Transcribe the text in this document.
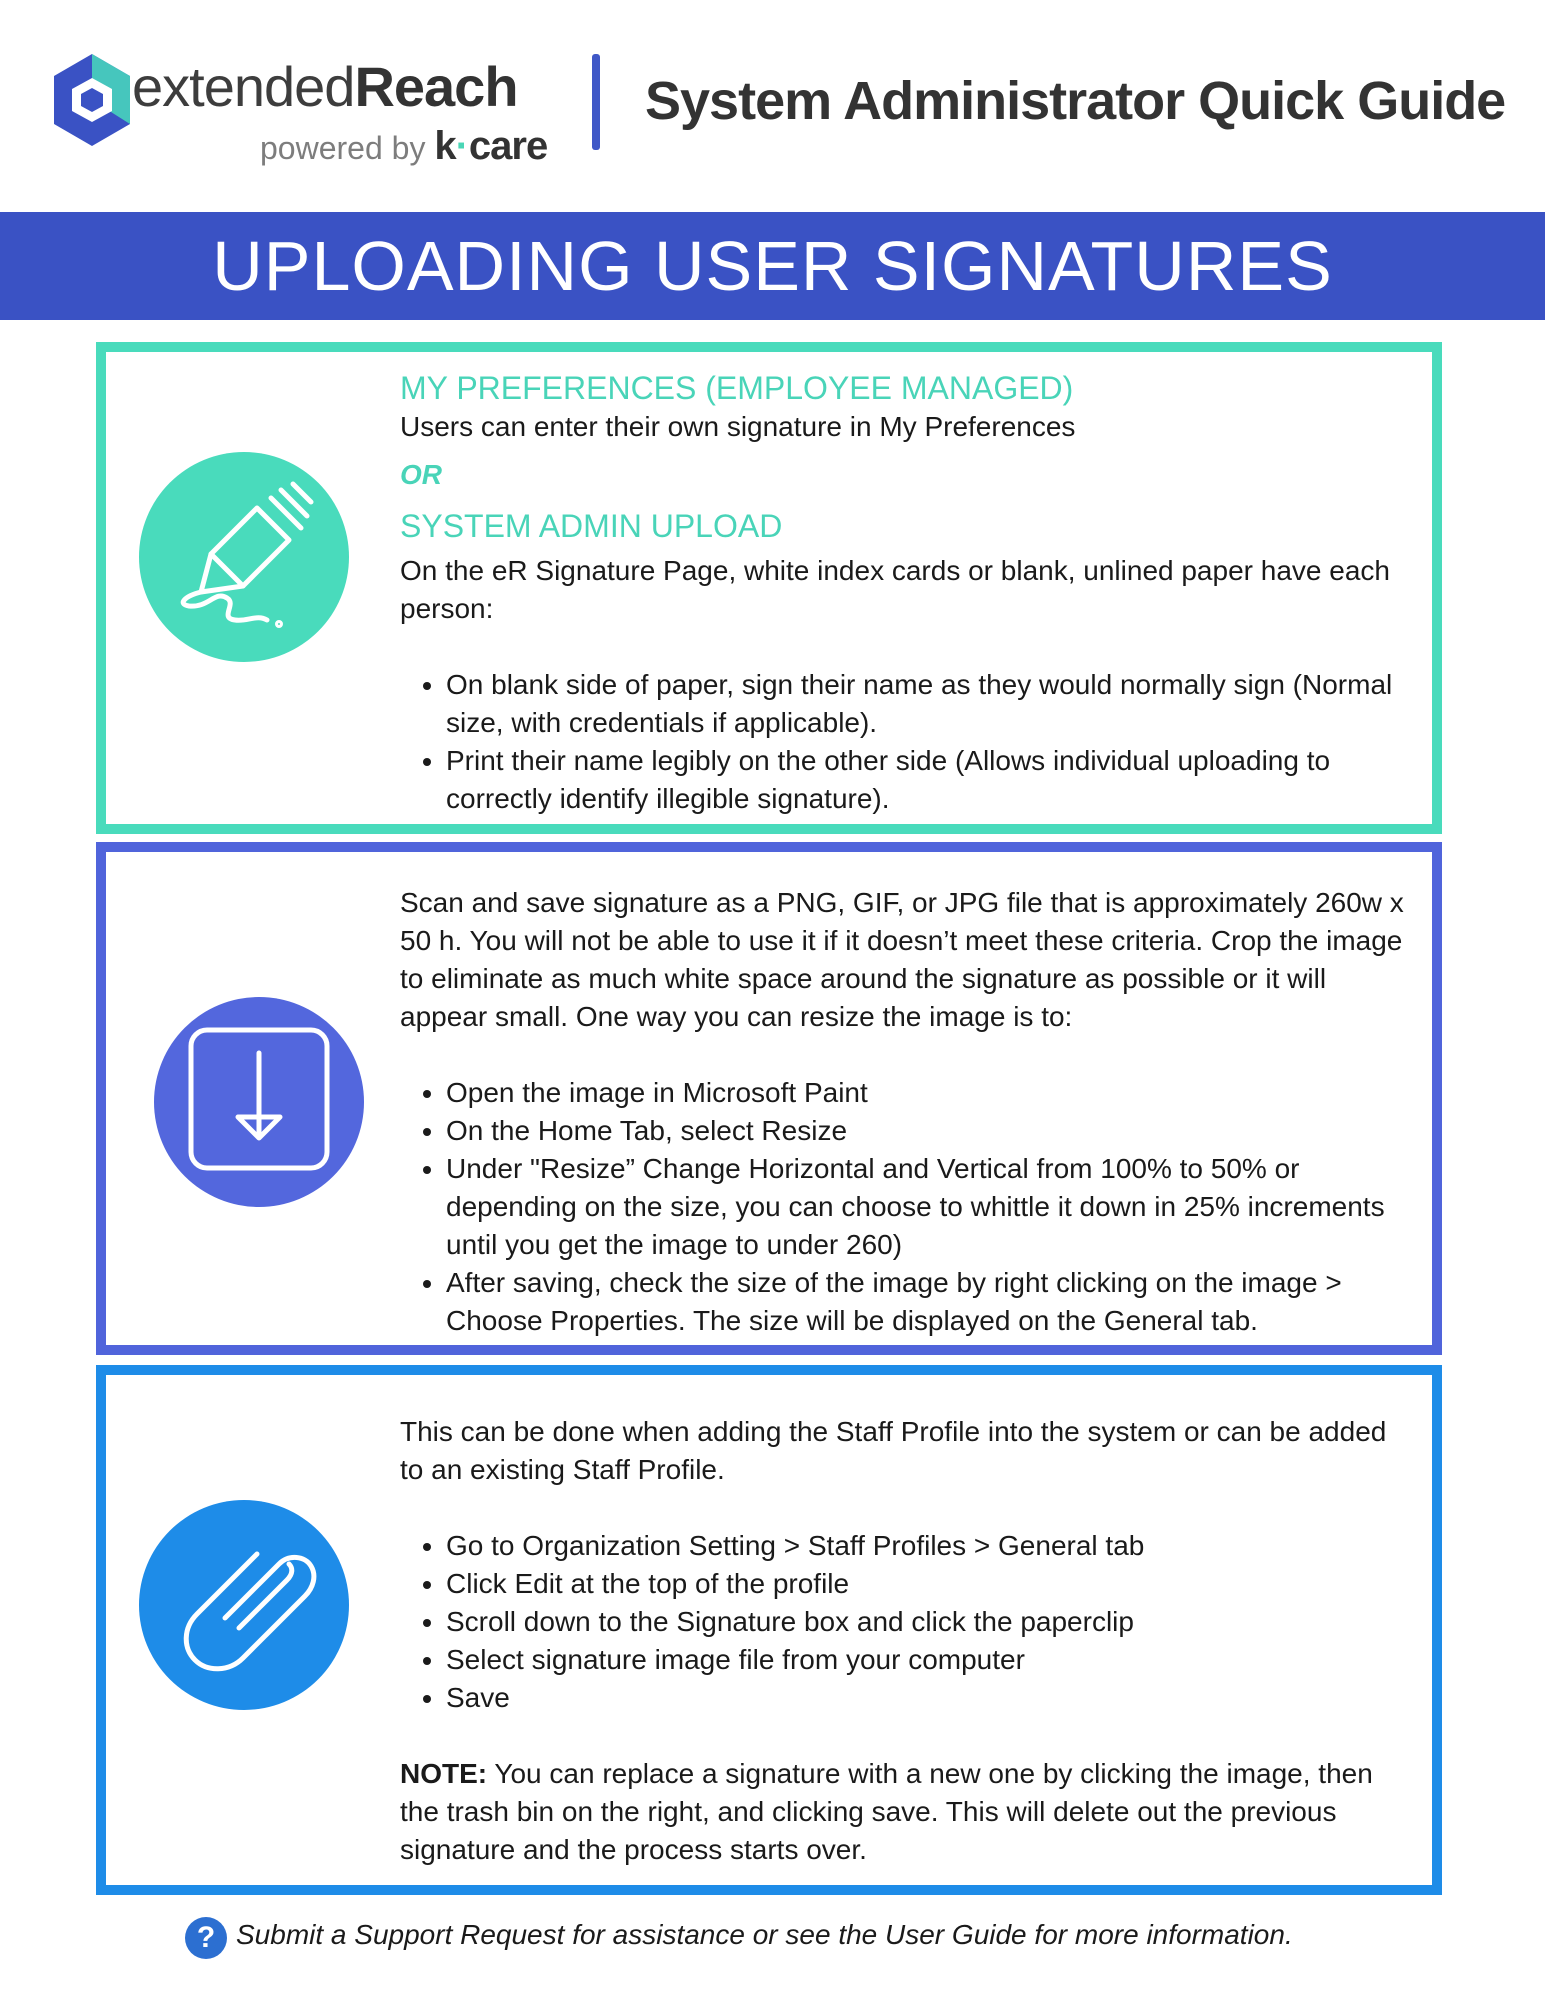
extendedReach
powered by k·care
System Administrator Quick Guide
UPLOADING USER SIGNATURES
MY PREFERENCES (EMPLOYEE MANAGED)

Users can enter their own signature in My Preferences

OR
SYSTEM ADMIN UPLOAD

On the eR Signature Page, white index cards or blank, unlined paper have each person:

• On blank side of paper, sign their name as they would normally sign (Normal size, with credentials if applicable).
• Print their name legibly on the other side (Allows individual uploading to correctly identify illegible signature).

Scan and save signature as a PNG, GIF, or JPG file that is approximately 260w x 50 h. You will not be able to use it if it doesn’t meet these criteria. Crop the image to eliminate as much white space around the signature as possible or it will appear small. One way you can resize the image is to:

• Open the image in Microsoft Paint
• On the Home Tab, select Resize
• Under "Resize” Change Horizontal and Vertical from 100% to 50% or depending on the size, you can choose to whittle it down in 25% increments until you get the image to under 260)
• After saving, check the size of the image by right clicking on the image > Choose Properties. The size will be displayed on the General tab.

This can be done when adding the Staff Profile into the system or can be added to an existing Staff Profile.

• Go to Organization Setting > Staff Profiles > General tab
• Click Edit at the top of the profile
• Scroll down to the Signature box and click the paperclip
• Select signature image file from your computer
• Save

NOTE: You can replace a signature with a new one by clicking the image, then the trash bin on the right, and clicking save. This will delete out the previous signature and the process starts over.

? Submit a Support Request for assistance or see the User Guide for more information.
